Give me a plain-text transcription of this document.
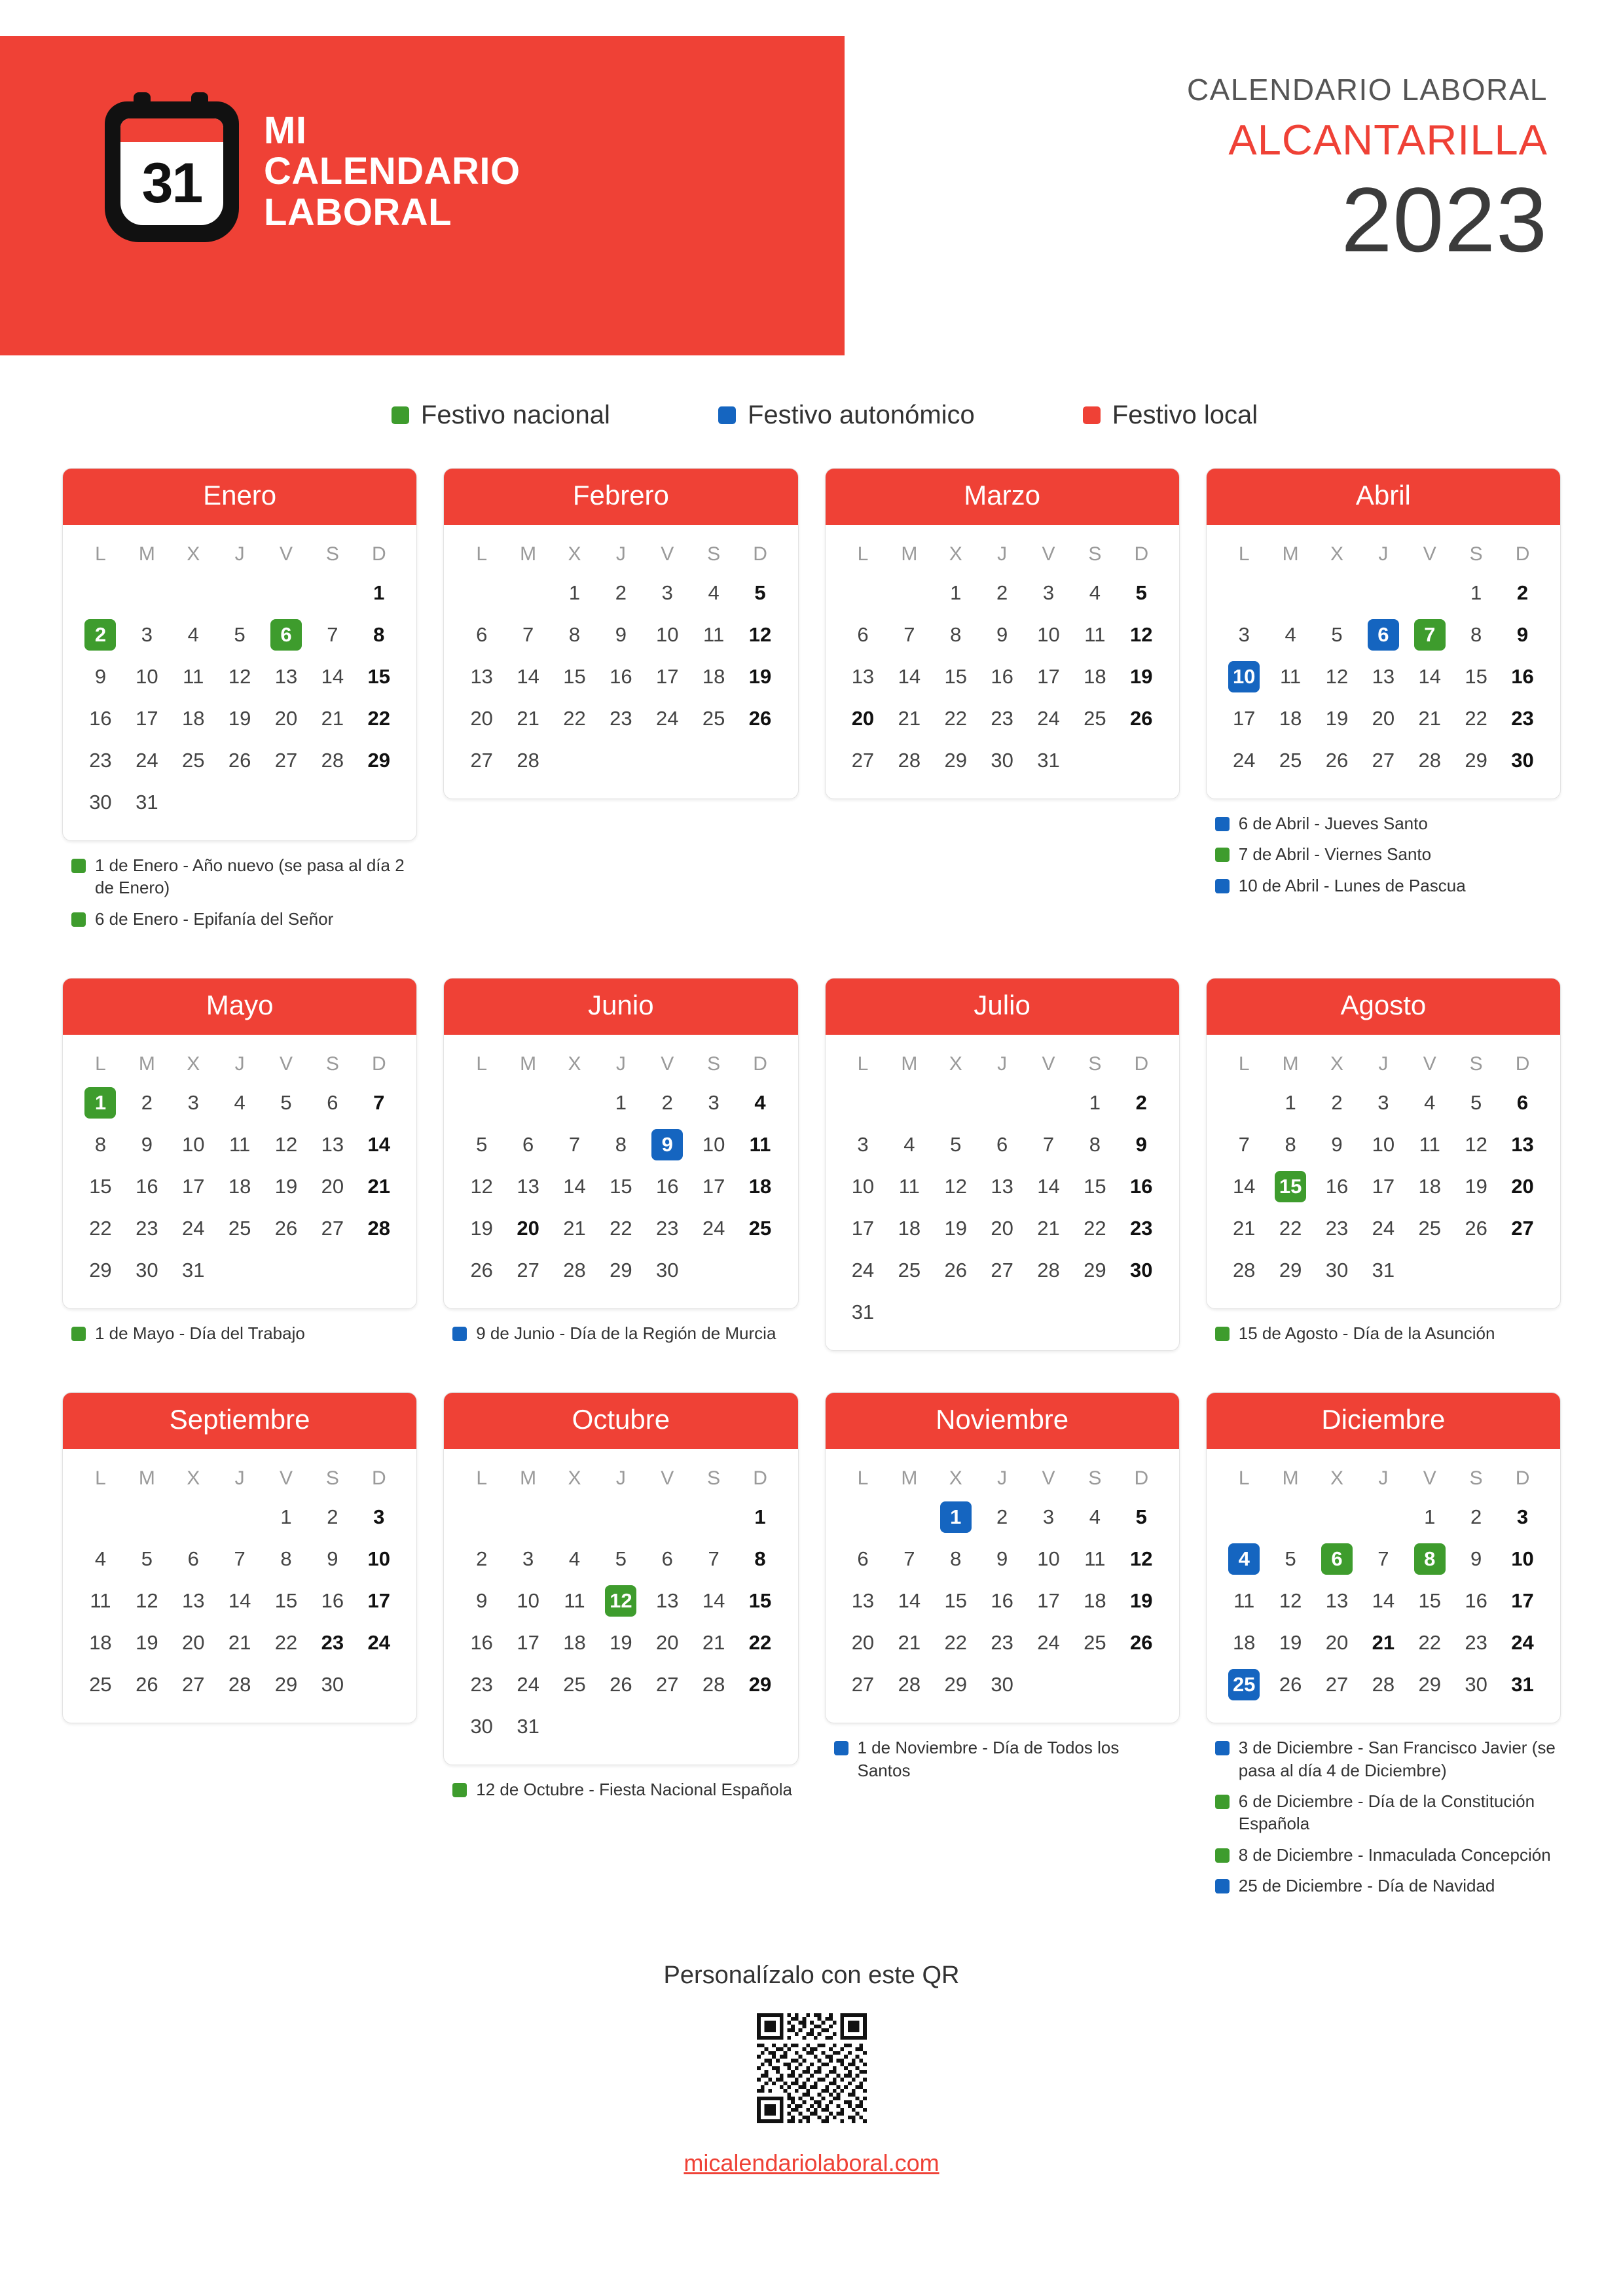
31
MI
CALENDARIO
LABORAL
CALENDARIO LABORAL
ALCANTARILLA
2023
Festivo nacional	Festivo autonómico	Festivo local
Enero
L	M	X	J	V	S	D
						1
2	3	4	5	6	7	8
9	10	11	12	13	14	15
16	17	18	19	20	21	22
23	24	25	26	27	28	29
30	31					
1 de Enero - Año nuevo (se pasa al día 2 de Enero)
6 de Enero - Epifanía del Señor
Febrero
L	M	X	J	V	S	D
		1	2	3	4	5
6	7	8	9	10	11	12
13	14	15	16	17	18	19
20	21	22	23	24	25	26
27	28					
Marzo
L	M	X	J	V	S	D
		1	2	3	4	5
6	7	8	9	10	11	12
13	14	15	16	17	18	19
20	21	22	23	24	25	26
27	28	29	30	31		
Abril
L	M	X	J	V	S	D
					1	2
3	4	5	6	7	8	9
10	11	12	13	14	15	16
17	18	19	20	21	22	23
24	25	26	27	28	29	30
6 de Abril - Jueves Santo
7 de Abril - Viernes Santo
10 de Abril - Lunes de Pascua
Mayo
L	M	X	J	V	S	D
1	2	3	4	5	6	7
8	9	10	11	12	13	14
15	16	17	18	19	20	21
22	23	24	25	26	27	28
29	30	31				
1 de Mayo - Día del Trabajo
Junio
L	M	X	J	V	S	D
			1	2	3	4
5	6	7	8	9	10	11
12	13	14	15	16	17	18
19	20	21	22	23	24	25
26	27	28	29	30		
9 de Junio - Día de la Región de Murcia
Julio
L	M	X	J	V	S	D
					1	2
3	4	5	6	7	8	9
10	11	12	13	14	15	16
17	18	19	20	21	22	23
24	25	26	27	28	29	30
31						
Agosto
L	M	X	J	V	S	D
	1	2	3	4	5	6
7	8	9	10	11	12	13
14	15	16	17	18	19	20
21	22	23	24	25	26	27
28	29	30	31			
15 de Agosto - Día de la Asunción
Septiembre
L	M	X	J	V	S	D
				1	2	3
4	5	6	7	8	9	10
11	12	13	14	15	16	17
18	19	20	21	22	23	24
25	26	27	28	29	30	
Octubre
L	M	X	J	V	S	D
						1
2	3	4	5	6	7	8
9	10	11	12	13	14	15
16	17	18	19	20	21	22
23	24	25	26	27	28	29
30	31					
12 de Octubre - Fiesta Nacional Española
Noviembre
L	M	X	J	V	S	D
		1	2	3	4	5
6	7	8	9	10	11	12
13	14	15	16	17	18	19
20	21	22	23	24	25	26
27	28	29	30			
1 de Noviembre - Día de Todos los Santos
Diciembre
L	M	X	J	V	S	D
				1	2	3
4	5	6	7	8	9	10
11	12	13	14	15	16	17
18	19	20	21	22	23	24
25	26	27	28	29	30	31
3 de Diciembre - San Francisco Javier (se pasa al día 4 de Diciembre)
6 de Diciembre - Día de la Constitución Española
8 de Diciembre - Inmaculada Concepción
25 de Diciembre - Día de Navidad
Personalízalo con este QR
micalendariolaboral.com
